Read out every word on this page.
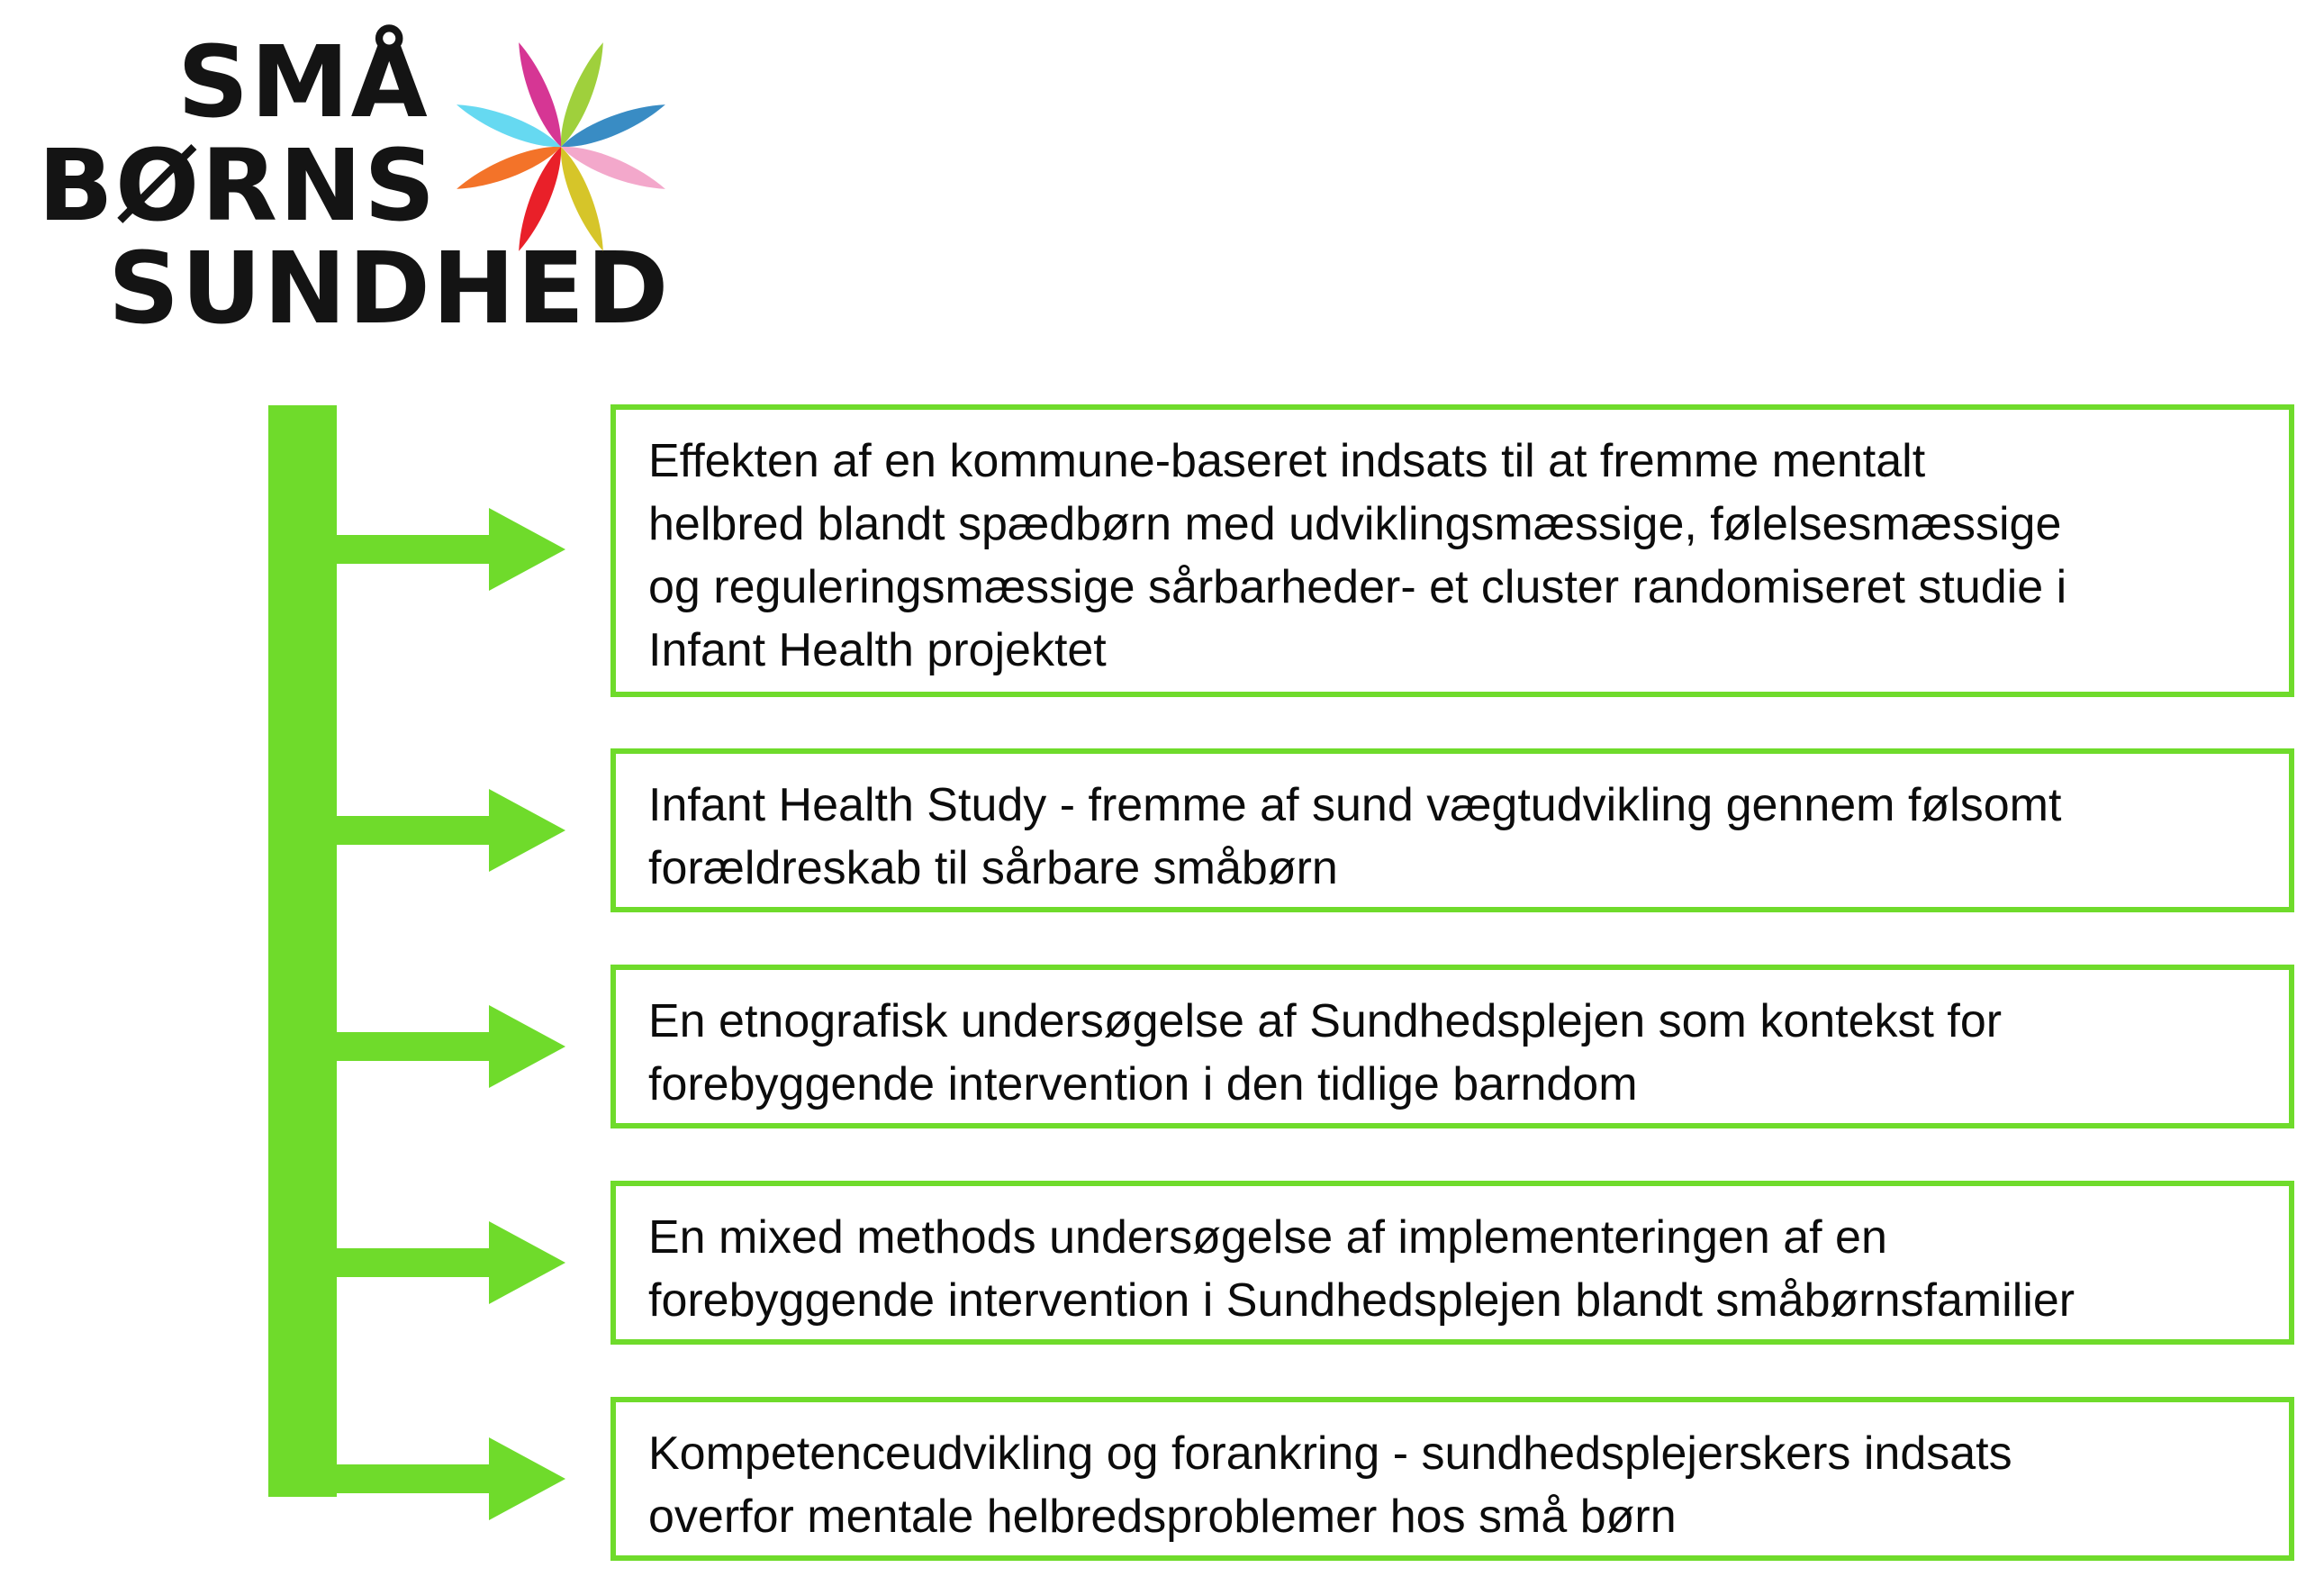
SMÅ
BØRNS
SUNDHED
Effekten af en kommune-baseret indsats til at fremme mentalt
helbred blandt spædbørn med udviklingsmæssige, følelsesmæssige
og reguleringsmæssige sårbarheder- et cluster randomiseret studie i
Infant Health projektet
Infant Health Study - fremme af sund vægtudvikling gennem følsomt
forældreskab til sårbare småbørn
En etnografisk undersøgelse af Sundhedsplejen som kontekst for
forebyggende intervention i den tidlige barndom
En mixed methods undersøgelse af implementeringen af en
forebyggende intervention i Sundhedsplejen blandt småbørnsfamilier
Kompetenceudvikling og forankring - sundhedsplejerskers indsats
overfor mentale helbredsproblemer hos små børn
